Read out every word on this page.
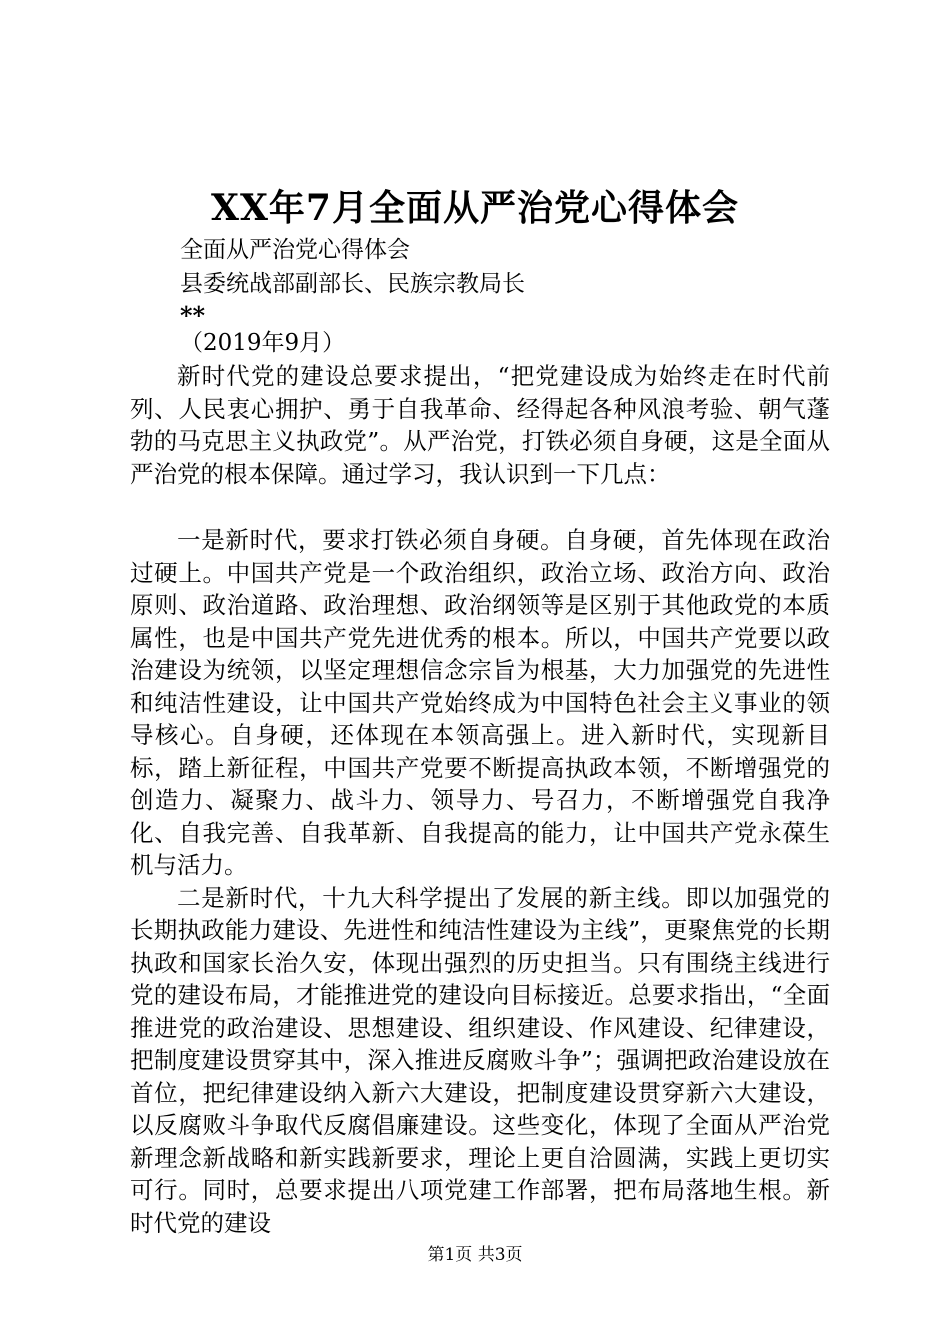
XX年7月全面从严治党心得体会
全面从严治党心得体会
县委统战部副部长、民族宗教局长
**
（2019年9月）

新时代党的建设总要求提出，“把党建设成为始终走在时代前列、人民衷心拥护、勇于自我革命、经得起各种风浪考验、朝气蓬勃的马克思主义执政党”。从严治党，打铁必须自身硬，这是全面从严治党的根本保障。通过学习，我认识到一下几点：

一是新时代，要求打铁必须自身硬。自身硬，首先体现在政治过硬上。中国共产党是一个政治组织，政治立场、政治方向、政治原则、政治道路、政治理想、政治纲领等是区别于其他政党的本质属性，也是中国共产党先进优秀的根本。所以，中国共产党要以政治建设为统领，以坚定理想信念宗旨为根基，大力加强党的先进性和纯洁性建设，让中国共产党始终成为中国特色社会主义事业的领导核心。自身硬，还体现在本领高强上。进入新时代，实现新目标，踏上新征程，中国共产党要不断提高执政本领，不断增强党的创造力、凝聚力、战斗力、领导力、号召力，不断增强党自我净化、自我完善、自我革新、自我提高的能力，让中国共产党永葆生机与活力。

二是新时代，十九大科学提出了发展的新主线。即以加强党的长期执政能力建设、先进性和纯洁性建设为主线”，更聚焦党的长期执政和国家长治久安，体现出强烈的历史担当。只有围绕主线进行党的建设布局，才能推进党的建设向目标接近。总要求指出，“全面推进党的政治建设、思想建设、组织建设、作风建设、纪律建设，把制度建设贯穿其中，深入推进反腐败斗争”；强调把政治建设放在首位，把纪律建设纳入新六大建设，把制度建设贯穿新六大建设，以反腐败斗争取代反腐倡廉建设。这些变化，体现了全面从严治党新理念新战略和新实践新要求，理论上更自洽圆满，实践上更切实可行。同时，总要求提出八项党建工作部署，把布局落地生根。新时代党的建设

第1页 共3页
